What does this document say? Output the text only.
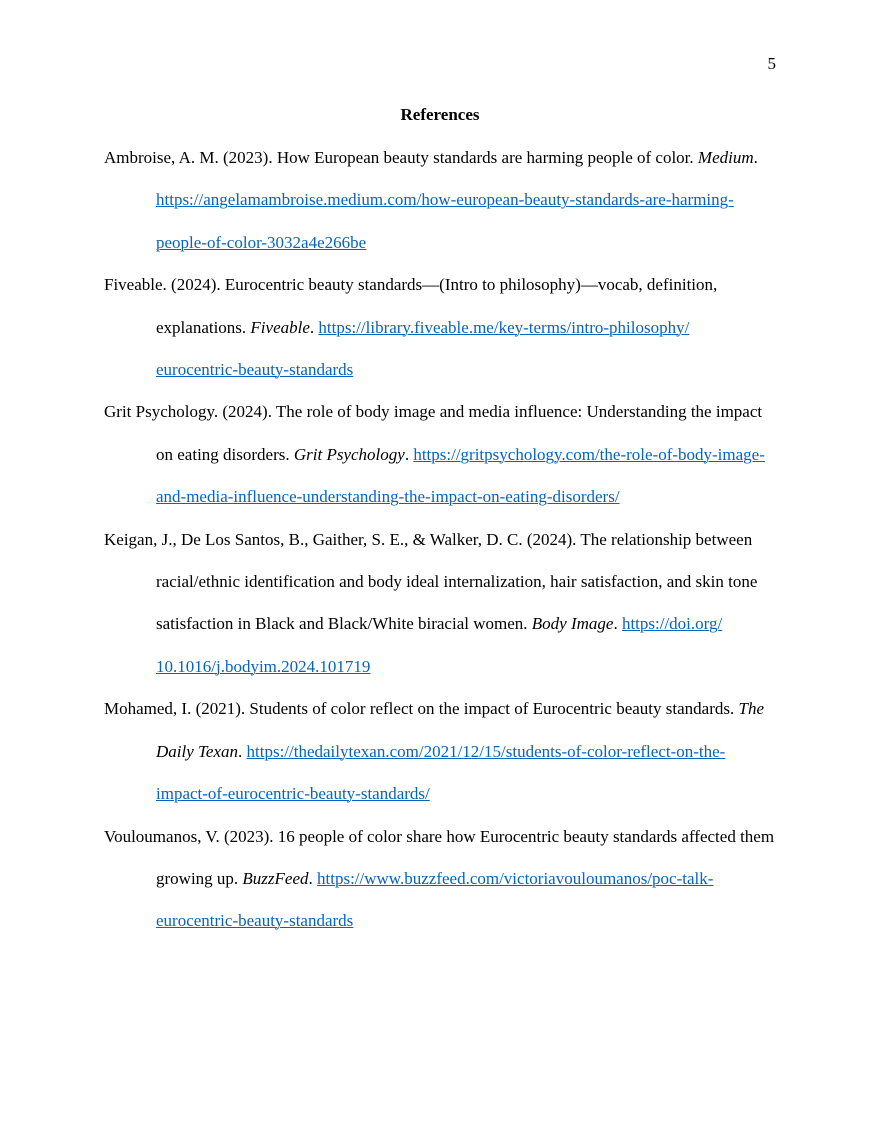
5
References
Ambroise, A. M. (2023). How European beauty standards are harming people of color. Medium. https://angelamambroise.medium.com/how-european-beauty-standards-are-harming-
people-of-color-3032a4e266be
Fiveable. (2024). Eurocentric beauty standards—(Intro to philosophy)—vocab, definition, explanations. Fiveable. https://library.fiveable.me/key-terms/intro-philosophy/
eurocentric-beauty-standards
Grit Psychology. (2024). The role of body image and media influence: Understanding the impact on eating disorders. Grit Psychology. https://gritpsychology.com/the-role-of-body-image-
and-media-influence-understanding-the-impact-on-eating-disorders/
Keigan, J., De Los Santos, B., Gaither, S. E., & Walker, D. C. (2024). The relationship between racial/ethnic identification and body ideal internalization, hair satisfaction, and skin tone satisfaction in Black and Black/White biracial women. Body Image. https://doi.org/
10.1016/j.bodyim.2024.101719
Mohamed, I. (2021). Students of color reflect on the impact of Eurocentric beauty standards. The Daily Texan. https://thedailytexan.com/2021/12/15/students-of-color-reflect-on-the-
impact-of-eurocentric-beauty-standards/
Vouloumanos, V. (2023). 16 people of color share how Eurocentric beauty standards affected them growing up. BuzzFeed. https://www.buzzfeed.com/victoriavouloumanos/poc-talk-
eurocentric-beauty-standards
